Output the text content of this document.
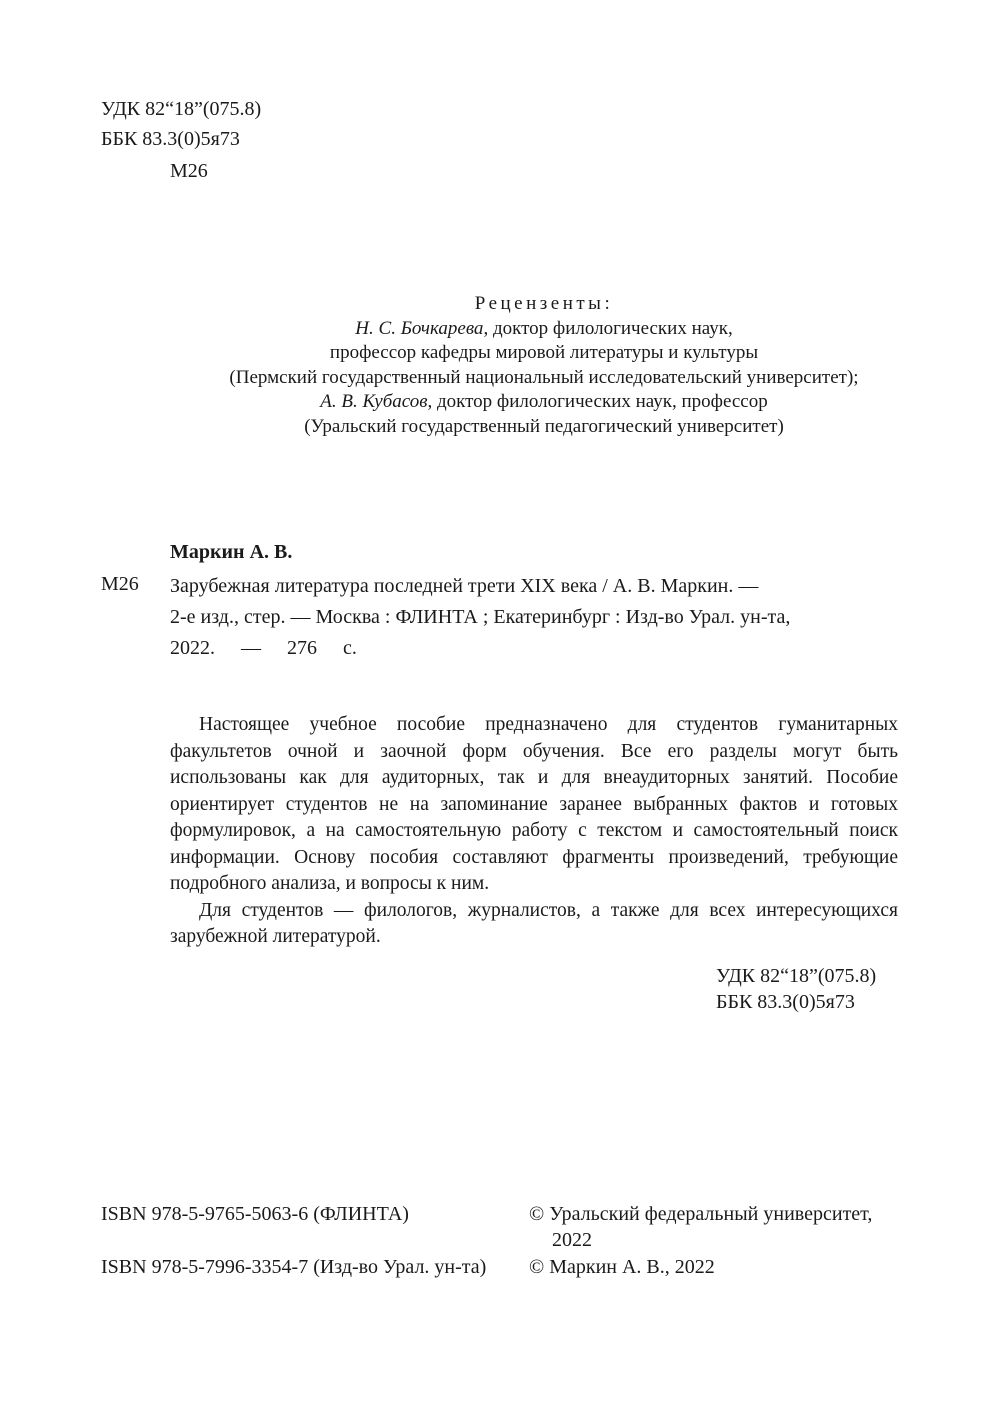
УДК 82“18”(075.8)
ББК 83.3(0)5я73
М26
Рецензенты:
Н. С. Бочкарева, доктор филологических наук,
профессор кафедры мировой литературы и культуры
(Пермский государственный национальный исследовательский университет);
А. В. Кубасов, доктор филологических наук, профессор
(Уральский государственный педагогический университет)
Маркин А. В.
М26 Зарубежная литература последней трети XIX века / А. В. Маркин. —
2-е изд., стер. — Москва : ФЛИНТА ; Екатеринбург : Изд-во Урал. ун-та,
2022. — 276 с.

Настоящее учебное пособие предназначено для студентов гуманитарных факультетов очной и заочной форм обучения. Все его разделы могут быть использованы как для аудиторных, так и для внеаудиторных занятий. Пособие ориентирует студентов не на запоминание заранее выбранных фактов и готовых формулировок, а на самостоятельную работу с текстом и самостоятельный поиск информации. Основу пособия составляют фрагменты произведений, требующие подробного анализа, и вопросы к ним.

Для студентов — филологов, журналистов, а также для всех интересующихся зарубежной литературой.

УДК 82“18”(075.8)
ББК 83.3(0)5я73
ISBN 978-5-9765-5063-6 (ФЛИНТА)
ISBN 978-5-7996-3354-7 (Изд-во Урал. ун-та)
© Уральский федеральный университет,
2022
© Маркин А. В., 2022
